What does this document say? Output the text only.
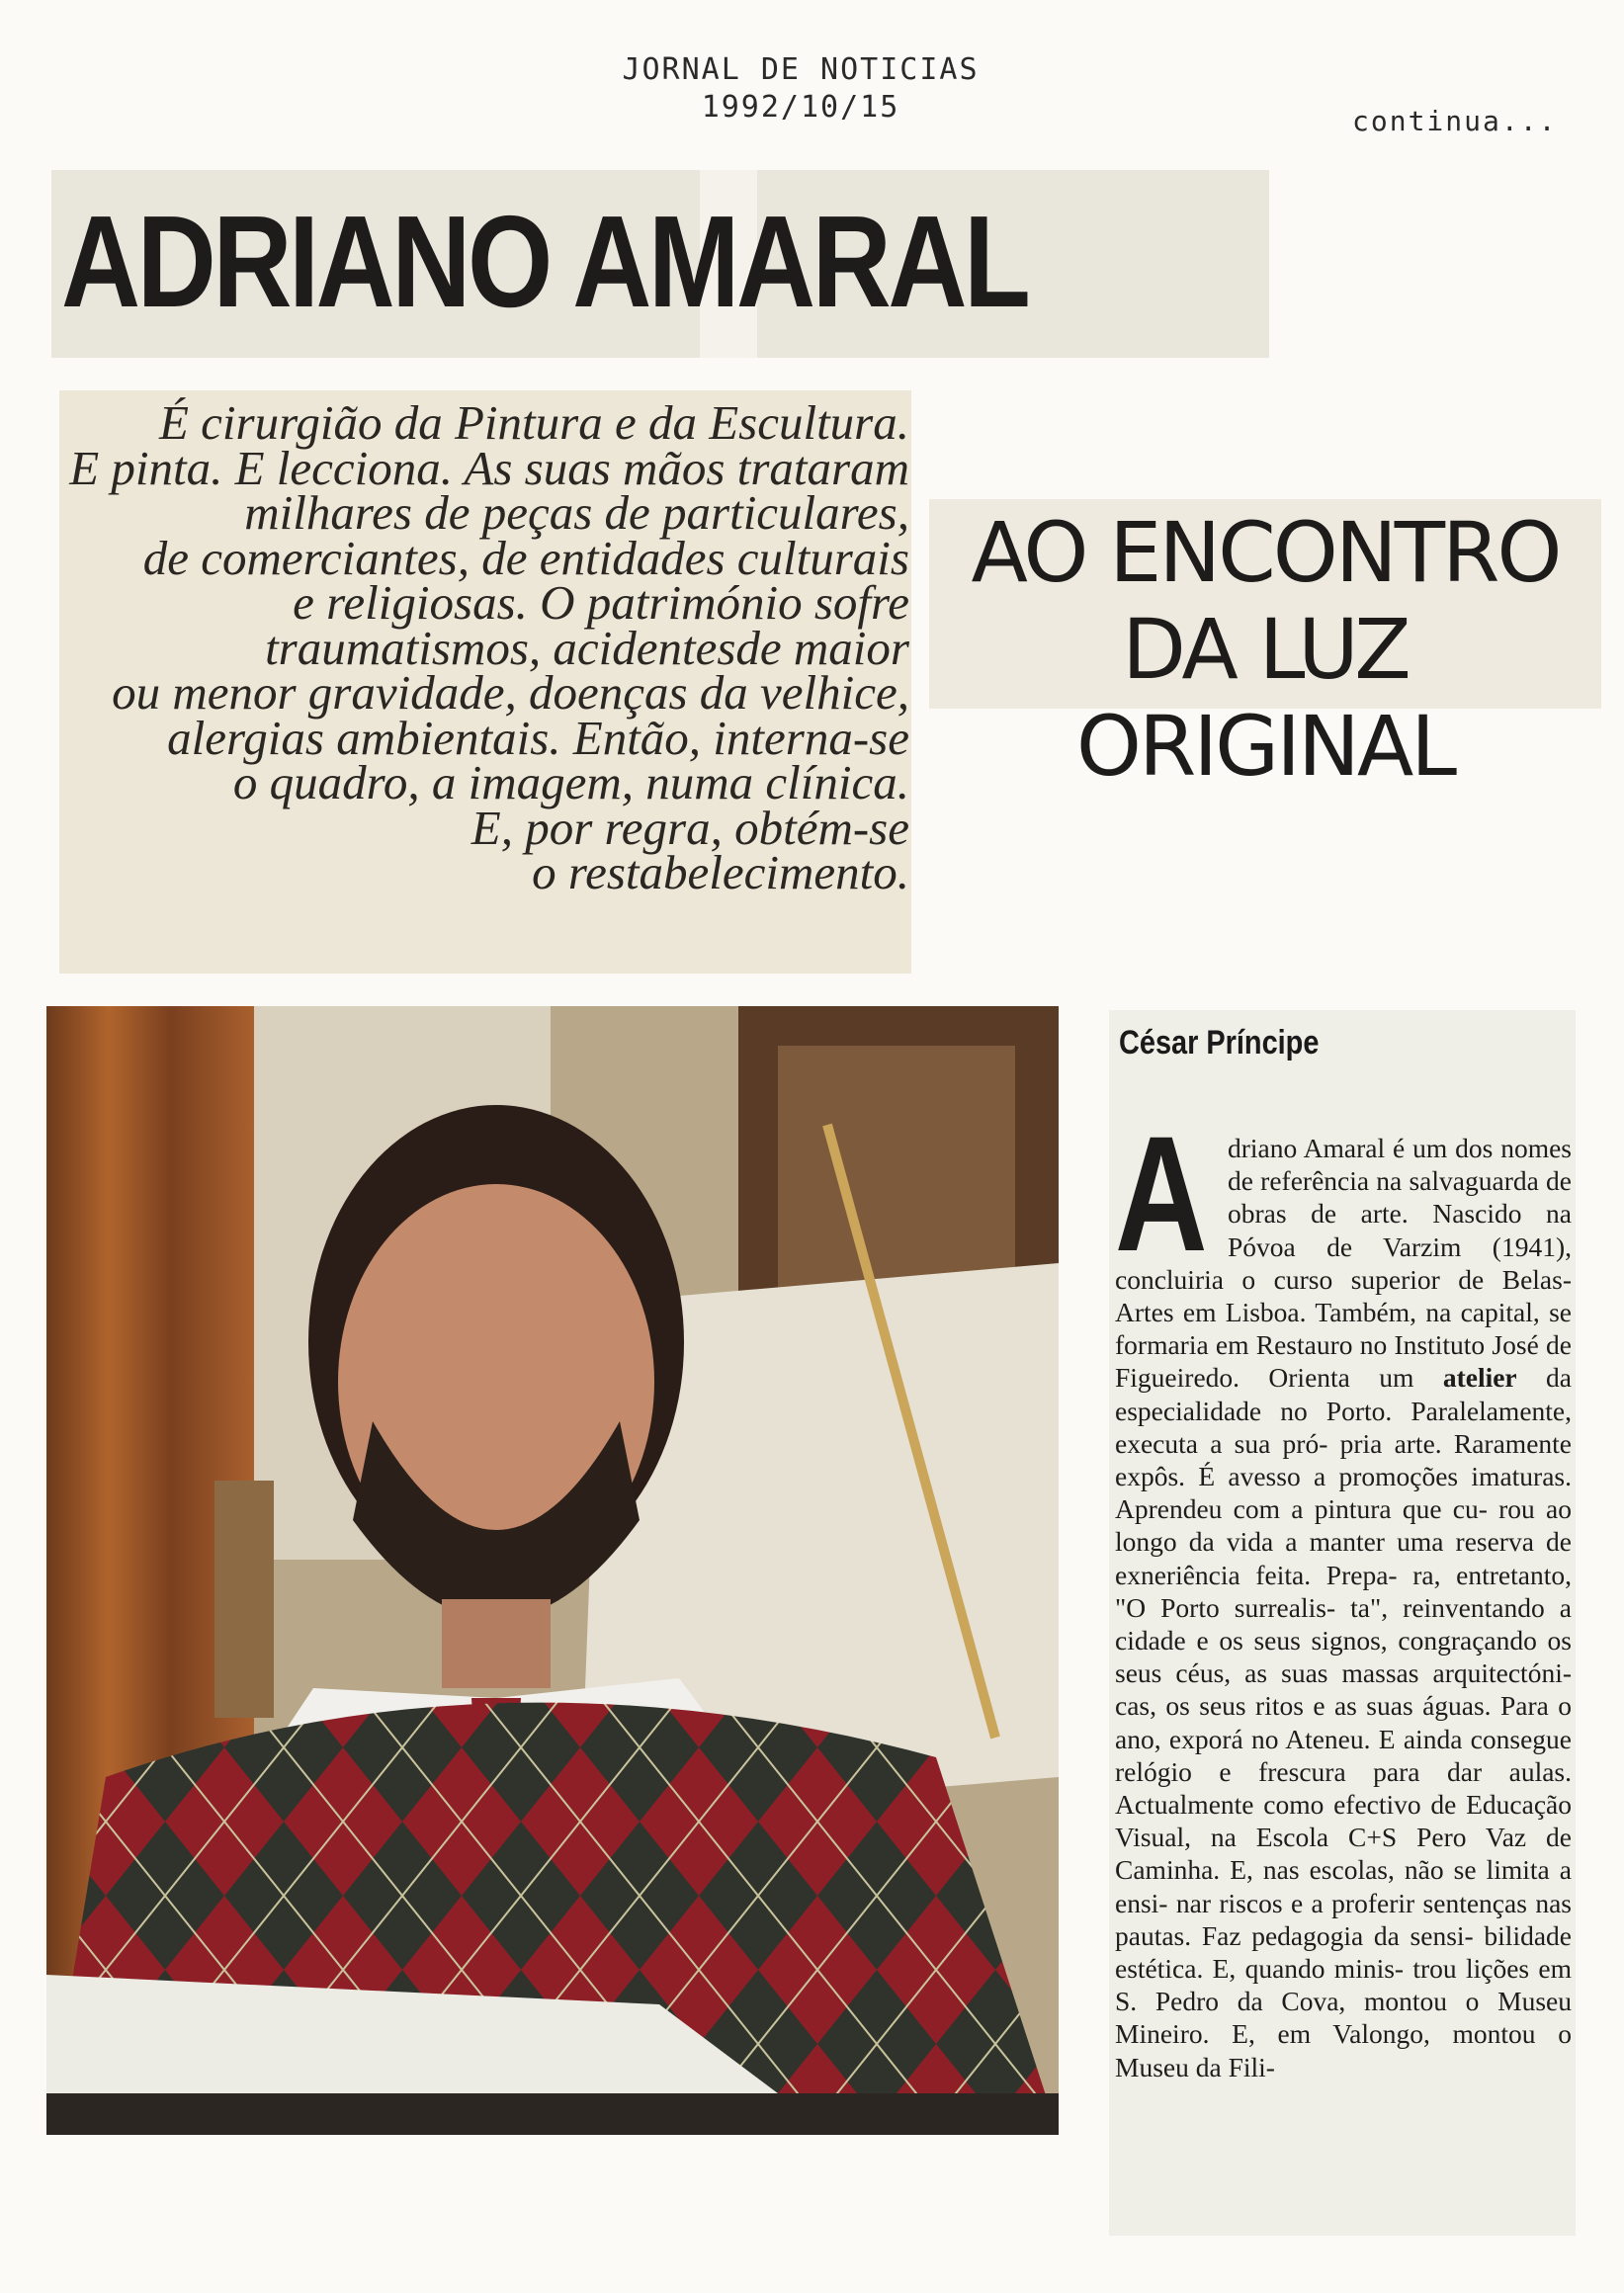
JORNAL DE NOTICIAS
1992/10/15	continua...
ADRIANO AMARAL
É cirurgião da Pintura e da Escultura.
E pinta. E lecciona. As suas mãos trataram
milhares de peças de particulares,
de comerciantes, de entidades culturais
e religiosas. O património sofre
traumatismos, acidentesde maior
ou menor gravidade, doenças da velhice,
alergias ambientais. Então, interna-se
o quadro, a imagem, numa clínica.
E, por regra, obtém-se
o restabelecimento.
AO ENCONTRO
DA LUZ ORIGINAL
César Príncipe
Adriano Amaral é um dos nomes de referência na salvaguarda de obras de arte. Nascido na Póvoa de Varzim (1941), concluiria o curso superior de Belas-Artes em Lisboa. Também, na capital, se formaria em Restauro no Instituto José de Figueiredo. Orienta um atelier da especialidade no Porto. Paralelamente, executa a sua pró- pria arte. Raramente expôs. É avesso a promoções imaturas. Aprendeu com a pintura que cu- rou ao longo da vida a manter uma reserva de exneriência feita. Prepa- ra, entretanto, "O Porto surrealis- ta", reinventando a cidade e os seus signos, congraçando os seus céus, as suas massas arquitectóni- cas, os seus ritos e as suas águas. Para o ano, exporá no Ateneu. E ainda consegue relógio e frescura para dar aulas. Actualmente como efectivo de Educação Visual, na Escola C+S Pero Vaz de Caminha. E, nas escolas, não se limita a ensi- nar riscos e a proferir sentenças nas pautas. Faz pedagogia da sensi- bilidade estética. E, quando minis- trou lições em S. Pedro da Cova, montou o Museu Mineiro. E, em Valongo, montou o Museu da Fili-
